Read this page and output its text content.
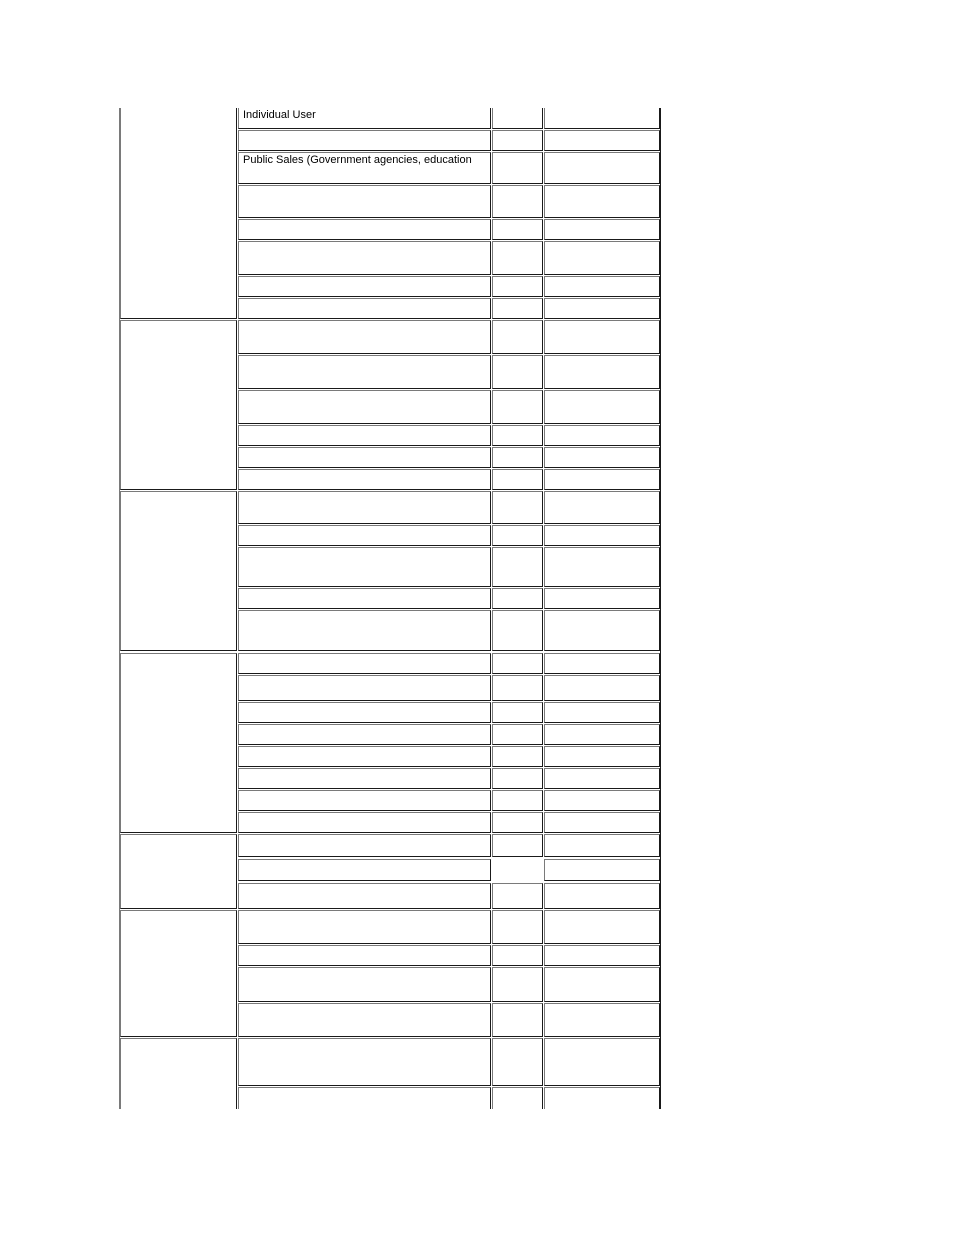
Individual User
Public Sales (Government agencies, education
